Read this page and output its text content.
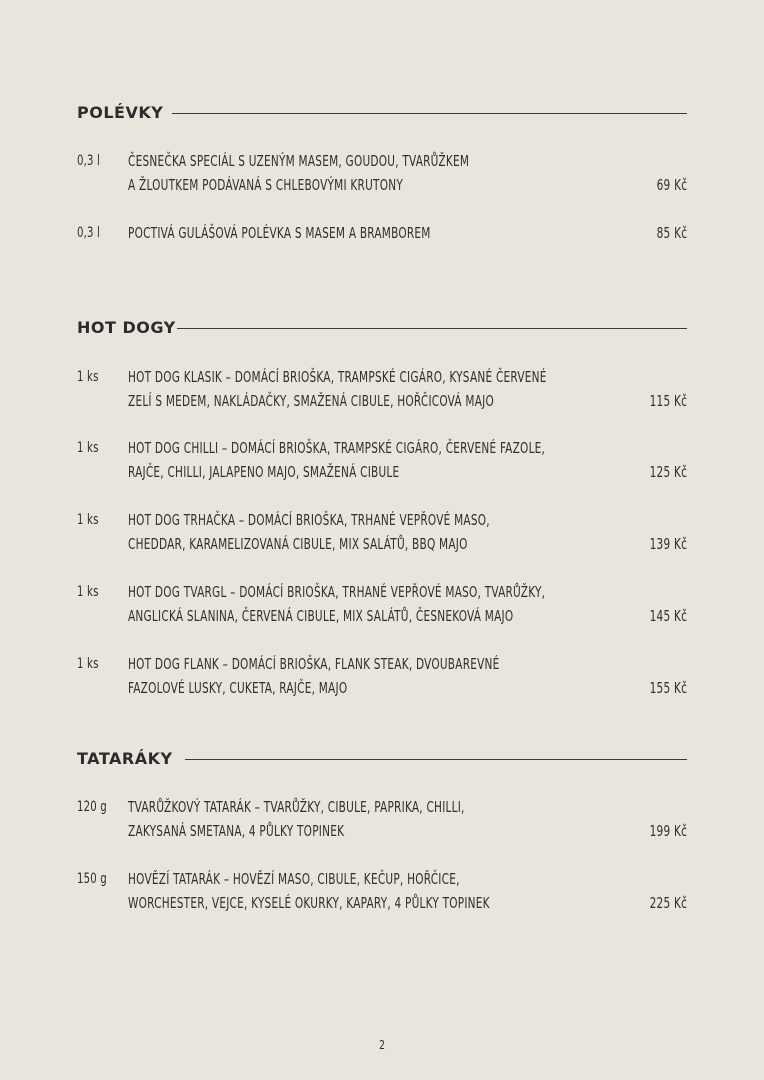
POLÉVKY
0,3 l ČESNEČKA SPECIÁL S UZENÝM MASEM, GOUDOU, TVARŮŽKEM
A ŽLOUTKEM PODÁVANÁ S CHLEBOVÝMI KRUTONY	69 Kč
0,3 l POCTIVÁ GULÁŠOVÁ POLÉVKA S MASEM A BRAMBOREM	85 Kč
HOT DOGY
1 ks HOT DOG KLASIK – DOMÁCÍ BRIOŠKA, TRAMPSKÉ CIGÁRO, KYSANÉ ČERVENÉ
ZELÍ S MEDEM, NAKLÁDAČKY, SMAŽENÁ CIBULE, HOŘČICOVÁ MAJO	115 Kč
1 ks HOT DOG CHILLI – DOMÁCÍ BRIOŠKA, TRAMPSKÉ CIGÁRO, ČERVENÉ FAZOLE,
RAJČE, CHILLI, JALAPENO MAJO, SMAŽENÁ CIBULE	125 Kč
1 ks HOT DOG TRHAČKA – DOMÁCÍ BRIOŠKA, TRHANÉ VEPŘOVÉ MASO,
CHEDDAR, KARAMELIZOVANÁ CIBULE, MIX SALÁTŮ, BBQ MAJO	139 Kč
1 ks HOT DOG TVARGL – DOMÁCÍ BRIOŠKA, TRHANÉ VEPŘOVÉ MASO, TVARŮŽKY,
ANGLICKÁ SLANINA, ČERVENÁ CIBULE, MIX SALÁTŮ, ČESNEKOVÁ MAJO	145 Kč
1 ks HOT DOG FLANK – DOMÁCÍ BRIOŠKA, FLANK STEAK, DVOUBAREVNÉ
FAZOLOVÉ LUSKY, CUKETA, RAJČE, MAJO	155 Kč
TATARÁKY
120 g TVARŮŽKOVÝ TATARÁK – TVARŮŽKY, CIBULE, PAPRIKA, CHILLI,
ZAKYSANÁ SMETANA, 4 PŮLKY TOPINEK	199 Kč
150 g HOVĚZÍ TATARÁK – HOVĚZÍ MASO, CIBULE, KEČUP, HOŘČICE,
WORCHESTER, VEJCE, KYSELÉ OKURKY, KAPARY, 4 PŮLKY TOPINEK	225 Kč
2
